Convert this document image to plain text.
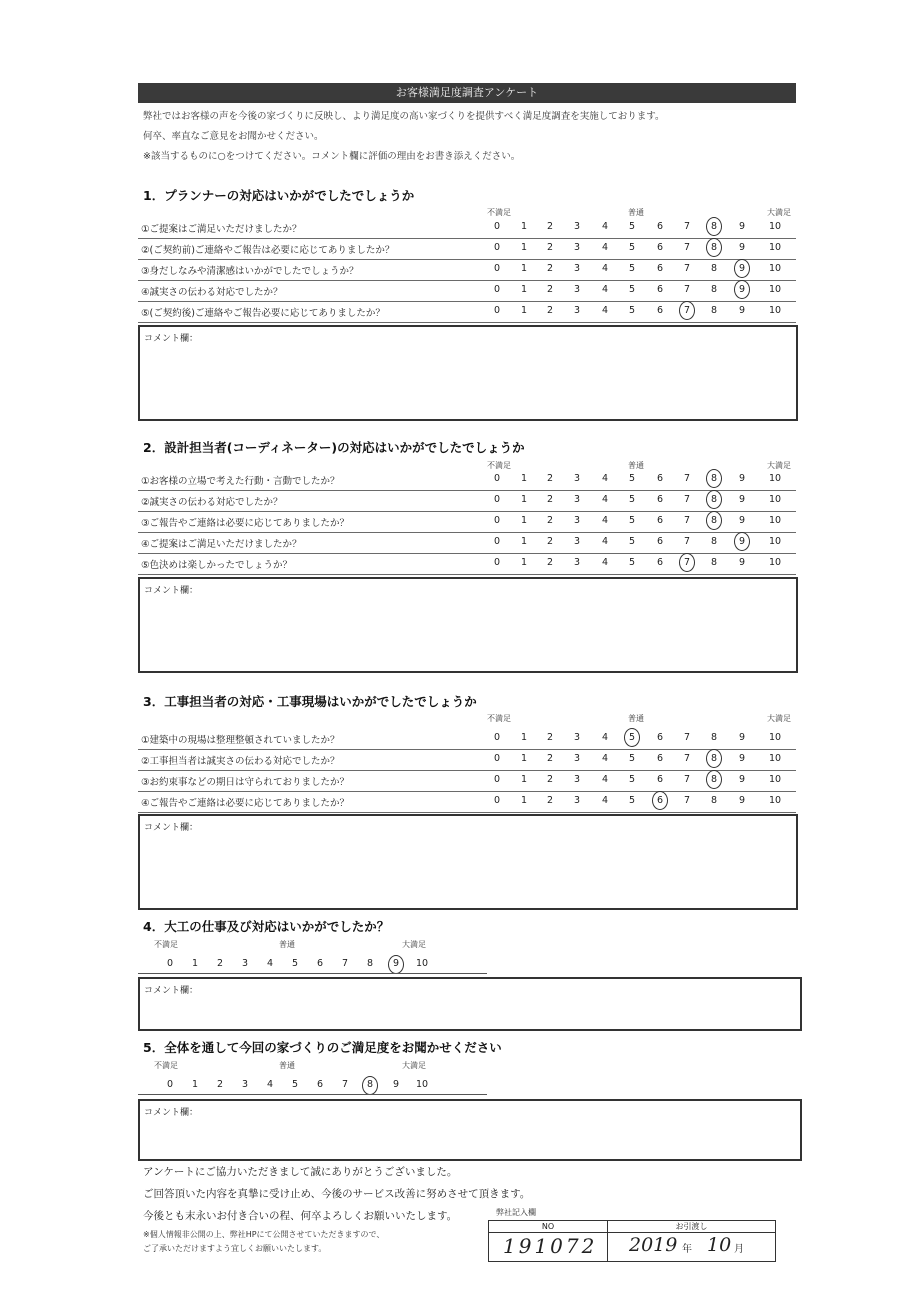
お客様満足度調査アンケート
弊社ではお客様の声を今後の家づくりに反映し、より満足度の高い家づくりを提供すべく満足度調査を実施しております。
何卒、率直なご意見をお聞かせください。
※該当するものに○をつけてください。コメント欄に評価の理由をお書き添えください。
1．プランナーの対応はいかがでしたでしょうか
不満足	普通	大満足
①ご提案はご満足いただけましたか？	0	1	2	3	4	5	6	7	8	9	10
②(ご契約前)ご連絡やご報告は必要に応じてありましたか？	0	1	2	3	4	5	6	7	8	9	10
③身だしなみや清潔感はいかがでしたでしょうか？	0	1	2	3	4	5	6	7	8	9	10
④誠実さの伝わる対応でしたか？	0	1	2	3	4	5	6	7	8	9	10
⑤(ご契約後)ご連絡やご報告必要に応じてありましたか？	0	1	2	3	4	5	6	7	8	9	10
コメント欄：
2．設計担当者(コーディネーター)の対応はいかがでしたでしょうか
不満足	普通	大満足
①お客様の立場で考えた行動・言動でしたか？	0	1	2	3	4	5	6	7	8	9	10
②誠実さの伝わる対応でしたか？	0	1	2	3	4	5	6	7	8	9	10
③ご報告やご連絡は必要に応じてありましたか？	0	1	2	3	4	5	6	7	8	9	10
④ご提案はご満足いただけましたか？	0	1	2	3	4	5	6	7	8	9	10
⑤色決めは楽しかったでしょうか？	0	1	2	3	4	5	6	7	8	9	10
コメント欄：
3．工事担当者の対応・工事現場はいかがでしたでしょうか
不満足	普通	大満足
①建築中の現場は整理整頓されていましたか？	0	1	2	3	4	5	6	7	8	9	10
②工事担当者は誠実さの伝わる対応でしたか？	0	1	2	3	4	5	6	7	8	9	10
③お約束事などの期日は守られておりましたか？	0	1	2	3	4	5	6	7	8	9	10
④ご報告やご連絡は必要に応じてありましたか？	0	1	2	3	4	5	6	7	8	9	10
コメント欄：
4．大工の仕事及び対応はいかがでしたか？
不満足	普通	大満足
0	1	2	3	4	5	6	7	8	9	10
コメント欄：
5．全体を通して今回の家づくりのご満足度をお聞かせください
不満足	普通	大満足
0	1	2	3	4	5	6	7	8	9	10
コメント欄：
アンケートにご協力いただきまして誠にありがとうございました。
ご回答頂いた内容を真摯に受け止め、今後のサービス改善に努めさせて頂きます。
今後とも末永いお付き合いの程、何卒よろしくお願いいたします。
※個人情報非公開の上、弊社HPにて公開させていただきますので、
ご了承いただけますよう宜しくお願いいたします。
弊社記入欄
NO	お引渡し
191072 2019 年 10 月
